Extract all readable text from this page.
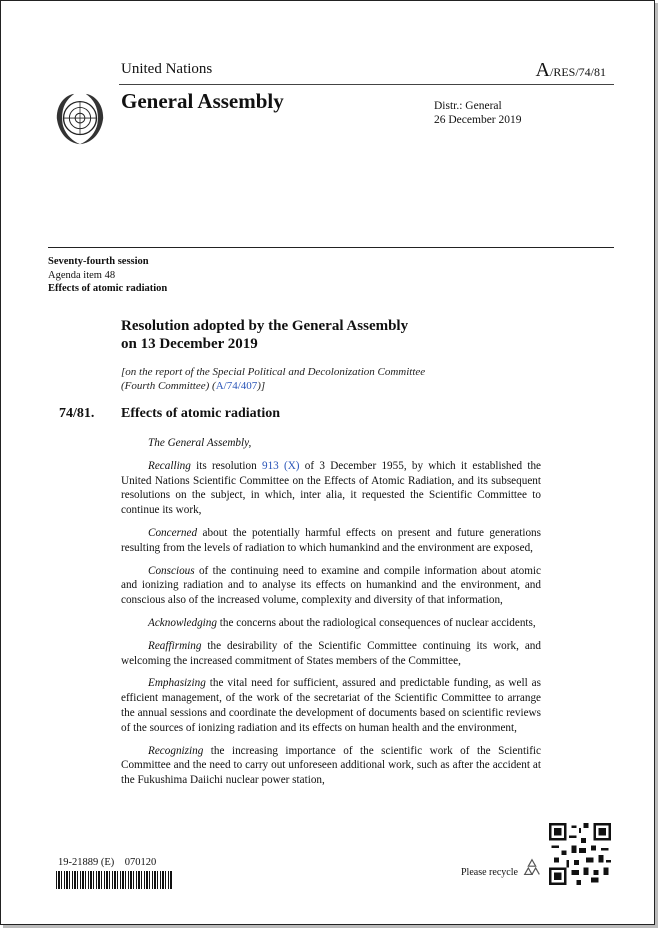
United Nations	A/RES/74/81
General Assembly	Distr.: General
26 December 2019
Seventy-fourth session
Agenda item 48
Effects of atomic radiation
Resolution adopted by the General Assembly
on 13 December 2019
[on the report of the Special Political and Decolonization Committee
(Fourth Committee) (A/74/407)]
74/81. Effects of atomic radiation

The General Assembly,

Recalling its resolution 913 (X) of 3 December 1955, by which it established the United Nations Scientific Committee on the Effects of Atomic Radiation, and its subsequent resolutions on the subject, in which, inter alia, it requested the Scientific Committee to continue its work,

Concerned about the potentially harmful effects on present and future generations resulting from the levels of radiation to which humankind and the environment are exposed,

Conscious of the continuing need to examine and compile information about atomic and ionizing radiation and to analyse its effects on humankind and the environment, and conscious also of the increased volume, complexity and diversity of that information,

Acknowledging the concerns about the radiological consequences of nuclear accidents,

Reaffirming the desirability of the Scientific Committee continuing its work, and welcoming the increased commitment of States members of the Committee,

Emphasizing the vital need for sufficient, assured and predictable funding, as well as efficient management, of the work of the secretariat of the Scientific Committee to arrange the annual sessions and coordinate the development of documents based on scientific reviews of the sources of ionizing radiation and its effects on human health and the environment,

Recognizing the increasing importance of the scientific work of the Scientific Committee and the need to carry out unforeseen additional work, such as after the accident at the Fukushima Daiichi nuclear power station,

19-21889 (E)    070120
Please recycle
